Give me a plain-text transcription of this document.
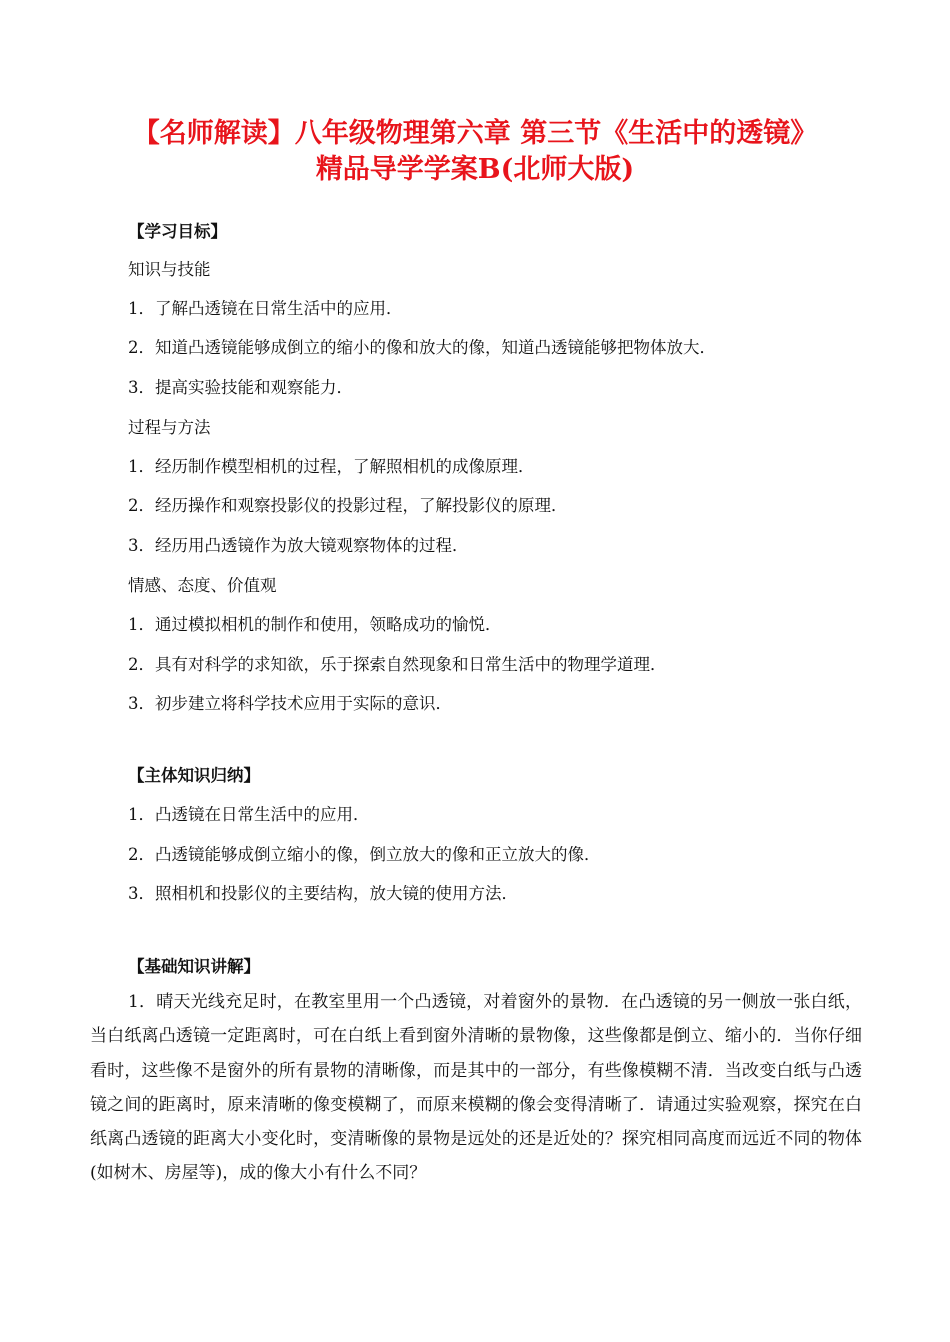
【名师解读】八年级物理第六章 第三节《生活中的透镜》
精品导学学案B(北师大版)
【学习目标】
知识与技能
1．了解凸透镜在日常生活中的应用．
2．知道凸透镜能够成倒立的缩小的像和放大的像，知道凸透镜能够把物体放大．
3．提高实验技能和观察能力．
过程与方法
1．经历制作模型相机的过程，了解照相机的成像原理．
2．经历操作和观察投影仪的投影过程，了解投影仪的原理．
3．经历用凸透镜作为放大镜观察物体的过程．
情感、态度、价值观
1．通过模拟相机的制作和使用，领略成功的愉悦．
2．具有对科学的求知欲，乐于探索自然现象和日常生活中的物理学道理．
3．初步建立将科学技术应用于实际的意识．
【主体知识归纳】
1．凸透镜在日常生活中的应用．
2．凸透镜能够成倒立缩小的像，倒立放大的像和正立放大的像．
3．照相机和投影仪的主要结构，放大镜的使用方法．
【基础知识讲解】
1．晴天光线充足时，在教室里用一个凸透镜，对着窗外的景物．在凸透镜的另一侧放一张白纸，当白纸离凸透镜一定距离时，可在白纸上看到窗外清晰的景物像，这些像都是倒立、缩小的．当你仔细看时，这些像不是窗外的所有景物的清晰像，而是其中的一部分，有些像模糊不清．当改变白纸与凸透镜之间的距离时，原来清晰的像变模糊了，而原来模糊的像会变得清晰了．请通过实验观察，探究在白纸离凸透镜的距离大小变化时，变清晰像的景物是远处的还是近处的？探究相同高度而远近不同的物体(如树木、房屋等)，成的像大小有什么不同？
